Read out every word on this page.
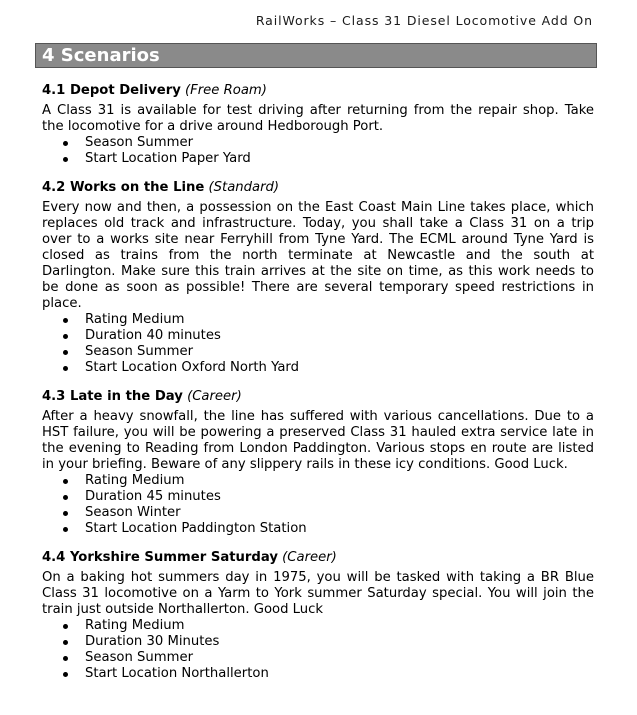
RailWorks – Class 31 Diesel Locomotive Add On
4 Scenarios
4.1 Depot Delivery (Free Roam)

A Class 31 is available for test driving after returning from the repair shop. Take the locomotive for a drive around Hedborough Port.

Season Summer
Start Location Paper Yard
4.2 Works on the Line (Standard)

Every now and then, a possession on the East Coast Main Line takes place, which replaces old track and infrastructure. Today, you shall take a Class 31 on a trip over to a works site near Ferryhill from Tyne Yard. The ECML around Tyne Yard is closed as trains from the north terminate at Newcastle and the south at Darlington. Make sure this train arrives at the site on time, as this work needs to be done as soon as possible! There are several temporary speed restrictions in place.

Rating Medium
Duration 40 minutes
Season Summer
Start Location Oxford North Yard
4.3 Late in the Day (Career)

After a heavy snowfall, the line has suffered with various cancellations. Due to a HST failure, you will be powering a preserved Class 31 hauled extra service late in the evening to Reading from London Paddington. Various stops en route are listed in your briefing. Beware of any slippery rails in these icy conditions. Good Luck.

Rating Medium
Duration 45 minutes
Season Winter
Start Location Paddington Station
4.4 Yorkshire Summer Saturday (Career)

On a baking hot summers day in 1975, you will be tasked with taking a BR Blue Class 31 locomotive on a Yarm to York summer Saturday special. You will join the train just outside Northallerton. Good Luck

Rating Medium
Duration 30 Minutes
Season Summer
Start Location Northallerton
